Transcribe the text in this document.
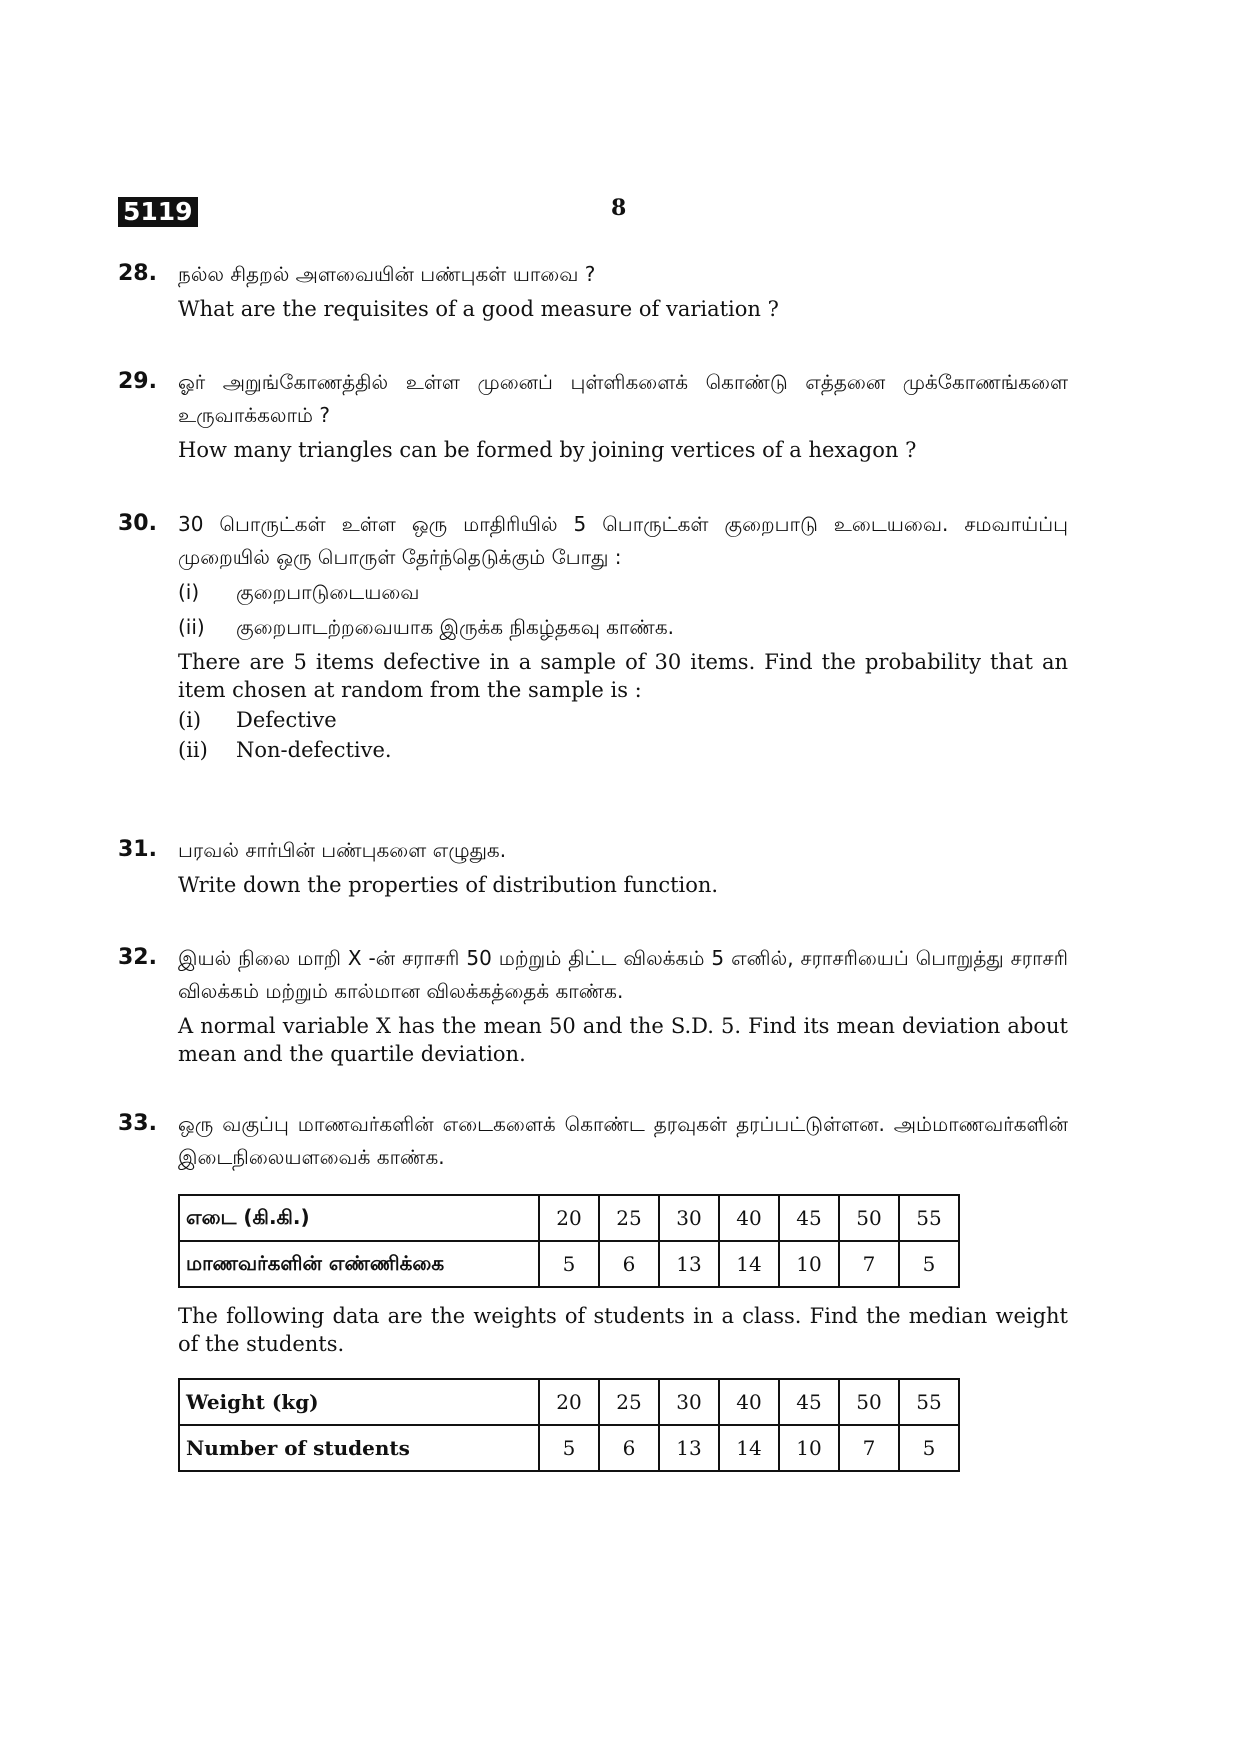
5119	8
28. நல்ல சிதறல் அளவையின் பண்புகள் யாவை ?
What are the requisites of a good measure of variation ?
29. ஓர் அறுங்கோணத்தில் உள்ள முனைப் புள்ளிகளைக் கொண்டு எத்தனை முக்கோணங்களை உருவாக்கலாம் ?
How many triangles can be formed by joining vertices of a hexagon ?
30. 30 பொருட்கள் உள்ள ஒரு மாதிரியில் 5 பொருட்கள் குறைபாடு உடையவை. சமவாய்ப்பு முறையில் ஒரு பொருள் தேர்ந்தெடுக்கும் போது :
(i)	குறைபாடுடையவை
(ii)	குறைபாடற்றவையாக இருக்க நிகழ்தகவு காண்க.
There are 5 items defective in a sample of 30 items. Find the probability that an item chosen at random from the sample is :
(i)	Defective
(ii)	Non-defective.
31. பரவல் சார்பின் பண்புகளை எழுதுக.
Write down the properties of distribution function.
32. இயல் நிலை மாறி X -ன் சராசரி 50 மற்றும் திட்ட விலக்கம் 5 எனில், சராசரியைப் பொறுத்து சராசரி விலக்கம் மற்றும் கால்மான விலக்கத்தைக் காண்க.
A normal variable X has the mean 50 and the S.D. 5. Find its mean deviation about mean and the quartile deviation.
33. ஒரு வகுப்பு மாணவர்களின் எடைகளைக் கொண்ட தரவுகள் தரப்பட்டுள்ளன. அம்மாணவர்களின் இடைநிலையளவைக் காண்க.
எடை (கி.கி.)	20	25	30	40	45	50	55
மாணவர்களின் எண்ணிக்கை	5	6	13	14	10	7	5
The following data are the weights of students in a class. Find the median weight of the students.
Weight (kg)	20	25	30	40	45	50	55
Number of students	5	6	13	14	10	7	5
